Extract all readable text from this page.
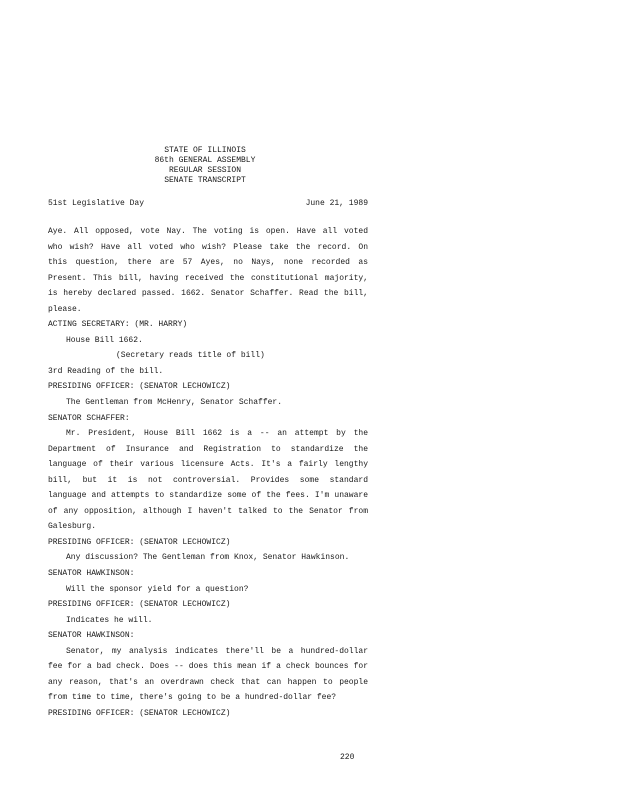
STATE OF ILLINOIS
86th GENERAL ASSEMBLY
REGULAR SESSION
SENATE TRANSCRIPT
51st Legislative Day	June 21, 1989
Aye. All opposed, vote Nay. The voting is open. Have all voted
who wish? Have all voted who wish? Please take the record. On
this question, there are 57 Ayes, no Nays, none recorded as
Present. This bill, having received the constitutional majority,
is hereby declared passed. 1662. Senator Schaffer. Read the bill,
please.
ACTING SECRETARY: (MR. HARRY)
House Bill 1662.
(Secretary reads title of bill)
3rd Reading of the bill.
PRESIDING OFFICER: (SENATOR LECHOWICZ)
The Gentleman from McHenry, Senator Schaffer.
SENATOR SCHAFFER:
Mr. President, House Bill 1662 is a -- an attempt by the
Department of Insurance and Registration to standardize the
language of their various licensure Acts. It's a fairly lengthy
bill, but it is not controversial. Provides some standard
language and attempts to standardize some of the fees. I'm unaware
of any opposition, although I haven't talked to the Senator from
Galesburg.
PRESIDING OFFICER: (SENATOR LECHOWICZ)
Any discussion? The Gentleman from Knox, Senator Hawkinson.
SENATOR HAWKINSON:
Will the sponsor yield for a question?
PRESIDING OFFICER: (SENATOR LECHOWICZ)
Indicates he will.
SENATOR HAWKINSON:
Senator, my analysis indicates there'll be a hundred-dollar
fee for a bad check. Does -- does this mean if a check bounces for
any reason, that's an overdrawn check that can happen to people
from time to time, there's going to be a hundred-dollar fee?
PRESIDING OFFICER: (SENATOR LECHOWICZ)
220
